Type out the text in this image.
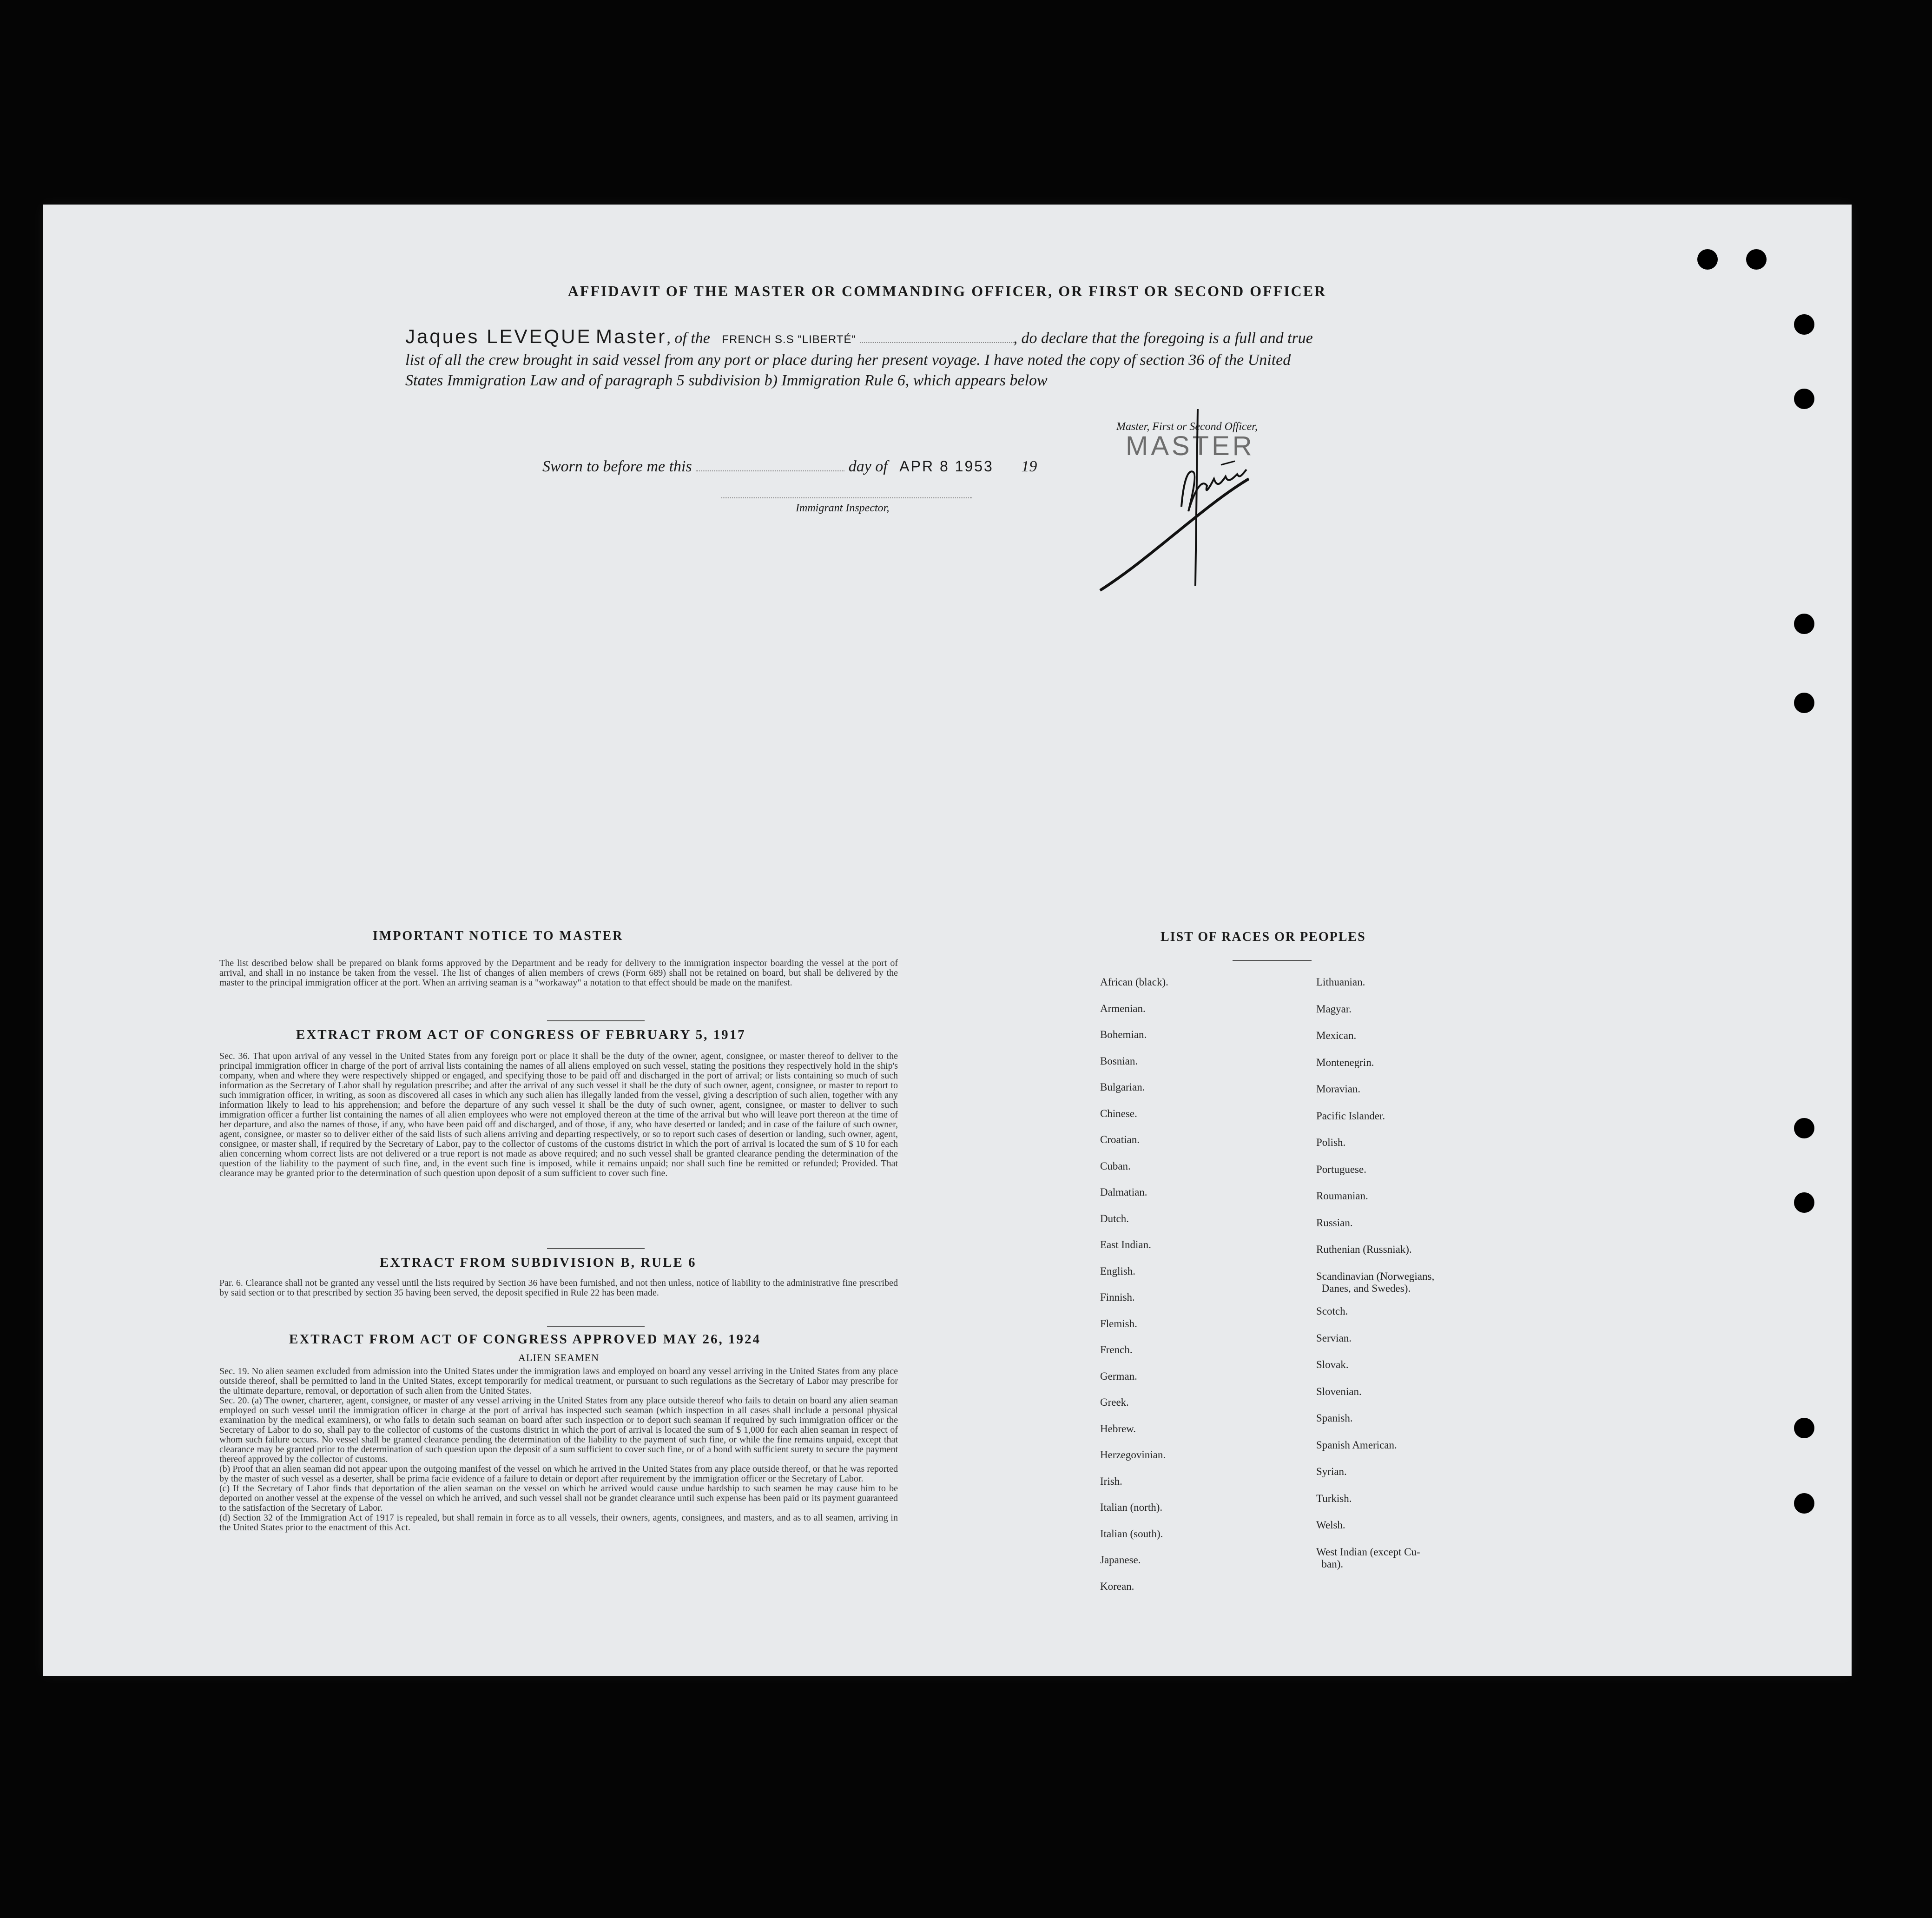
AFFIDAVIT OF THE MASTER OR COMMANDING OFFICER, OR FIRST OR SECOND OFFICER
Jaques LEVEQUE Master, of the FRENCH S.S "LIBERTÉ"	, do declare that the foregoing is a full and true list of all the crew brought in said vessel from any port or place during her present voyage. I have noted the copy of section 36 of the United States Immigration Law and of paragraph 5 subdivision b) Immigration Rule 6, which appears below
Master, First or Second Officer,
MASTER
Sworn to before me this	day of APR 8 1953 19
Immigrant Inspector,
IMPORTANT NOTICE TO MASTER
The list described below shall be prepared on blank forms approved by the Department and be ready for delivery to the immigration inspector boarding the vessel at the port of arrival, and shall in no instance be taken from the vessel. The list of changes of alien members of crews (Form 689) shall not be retained on board, but shall be delivered by the master to the principal immigration officer at the port. When an arriving seaman is a "workaway" a notation to that effect should be made on the manifest.
EXTRACT FROM ACT OF CONGRESS OF FEBRUARY 5, 1917
Sec. 36. That upon arrival of any vessel in the United States from any foreign port or place it shall be the duty of the owner, agent, consignee, or master thereof to deliver to the principal immigration officer in charge of the port of arrival lists containing the names of all aliens employed on such vessel, stating the positions they respectively hold in the ship's company, when and where they were respectively shipped or engaged, and specifying those to be paid off and discharged in the port of arrival; or lists containing so much of such information as the Secretary of Labor shall by regulation prescribe; and after the arrival of any such vessel it shall be the duty of such owner, agent, consignee, or master to report to such immigration officer, in writing, as soon as discovered all cases in which any such alien has illegally landed from the vessel, giving a description of such alien, together with any information likely to lead to his apprehension; and before the departure of any such vessel it shall be the duty of such owner, agent, consignee, or master to deliver to such immigration officer a further list containing the names of all alien employees who were not employed thereon at the time of the arrival but who will leave port thereon at the time of her departure, and also the names of those, if any, who have been paid off and discharged, and of those, if any, who have deserted or landed; and in case of the failure of such owner, agent, consignee, or master so to deliver either of the said lists of such aliens arriving and departing respectively, or so to report such cases of desertion or landing, such owner, agent, consignee, or master shall, if required by the Secretary of Labor, pay to the collector of customs of the customs district in which the port of arrival is located the sum of $ 10 for each alien concerning whom correct lists are not delivered or a true report is not made as above required; and no such vessel shall be granted clearance pending the determination of the question of the liability to the payment of such fine, and, in the event such fine is imposed, while it remains unpaid; nor shall such fine be remitted or refunded; Provided. That clearance may be granted prior to the determination of such question upon deposit of a sum sufficient to cover such fine.
EXTRACT FROM SUBDIVISION B, RULE 6
Par. 6. Clearance shall not be granted any vessel until the lists required by Section 36 have been furnished, and not then unless, notice of liability to the administrative fine prescribed by said section or to that prescribed by section 35 having been served, the deposit specified in Rule 22 has been made.
EXTRACT FROM ACT OF CONGRESS APPROVED MAY 26, 1924
ALIEN SEAMEN
Sec. 19. No alien seamen excluded from admission into the United States under the immigration laws and employed on board any vessel arriving in the United States from any place outside thereof, shall be permitted to land in the United States, except temporarily for medical treatment, or pursuant to such regulations as the Secretary of Labor may prescribe for the ultimate departure, removal, or deportation of such alien from the United States.
Sec. 20. (a) The owner, charterer, agent, consignee, or master of any vessel arriving in the United States from any place outside thereof who fails to detain on board any alien seaman employed on such vessel until the immigration officer in charge at the port of arrival has inspected such seaman (which inspection in all cases shall include a personal physical examination by the medical examiners), or who fails to detain such seaman on board after such inspection or to deport such seaman if required by such immigration officer or the Secretary of Labor to do so, shall pay to the collector of customs of the customs district in which the port of arrival is located the sum of $ 1,000 for each alien seaman in respect of whom such failure occurs. No vessel shall be granted clearance pending the determination of the liability to the payment of such fine, or while the fine remains unpaid, except that clearance may be granted prior to the determination of such question upon the deposit of a sum sufficient to cover such fine, or of a bond with sufficient surety to secure the payment thereof approved by the collector of customs.
(b) Proof that an alien seaman did not appear upon the outgoing manifest of the vessel on which he arrived in the United States from any place outside thereof, or that he was reported by the master of such vessel as a deserter, shall be prima facie evidence of a failure to detain or deport after requirement by the immigration officer or the Secretary of Labor.
(c) If the Secretary of Labor finds that deportation of the alien seaman on the vessel on which he arrived would cause undue hardship to such seamen he may cause him to be deported on another vessel at the expense of the vessel on which he arrived, and such vessel shall not be grandet clearance until such expense has been paid or its payment guaranteed to the satisfaction of the Secretary of Labor.
(d) Section 32 of the Immigration Act of 1917 is repealed, but shall remain in force as to all vessels, their owners, agents, consignees, and masters, and as to all seamen, arriving in the United States prior to the enactment of this Act.
LIST OF RACES OR PEOPLES
African (black).
Armenian.
Bohemian.
Bosnian.
Bulgarian.
Chinese.
Croatian.
Cuban.
Dalmatian.
Dutch.
East Indian.
English.
Finnish.
Flemish.
French.
German.
Greek.
Hebrew.
Herzegovinian.
Irish.
Italian (north).
Italian (south).
Japanese.
Korean.
Lithuanian.
Magyar.
Mexican.
Montenegrin.
Moravian.
Pacific Islander.
Polish.
Portuguese.
Roumanian.
Russian.
Ruthenian (Russniak).
Scandinavian (Norwegians,
Danes, and Swedes).
Scotch.
Servian.
Slovak.
Slovenian.
Spanish.
Spanish American.
Syrian.
Turkish.
Welsh.
West Indian (except Cu-
ban).
